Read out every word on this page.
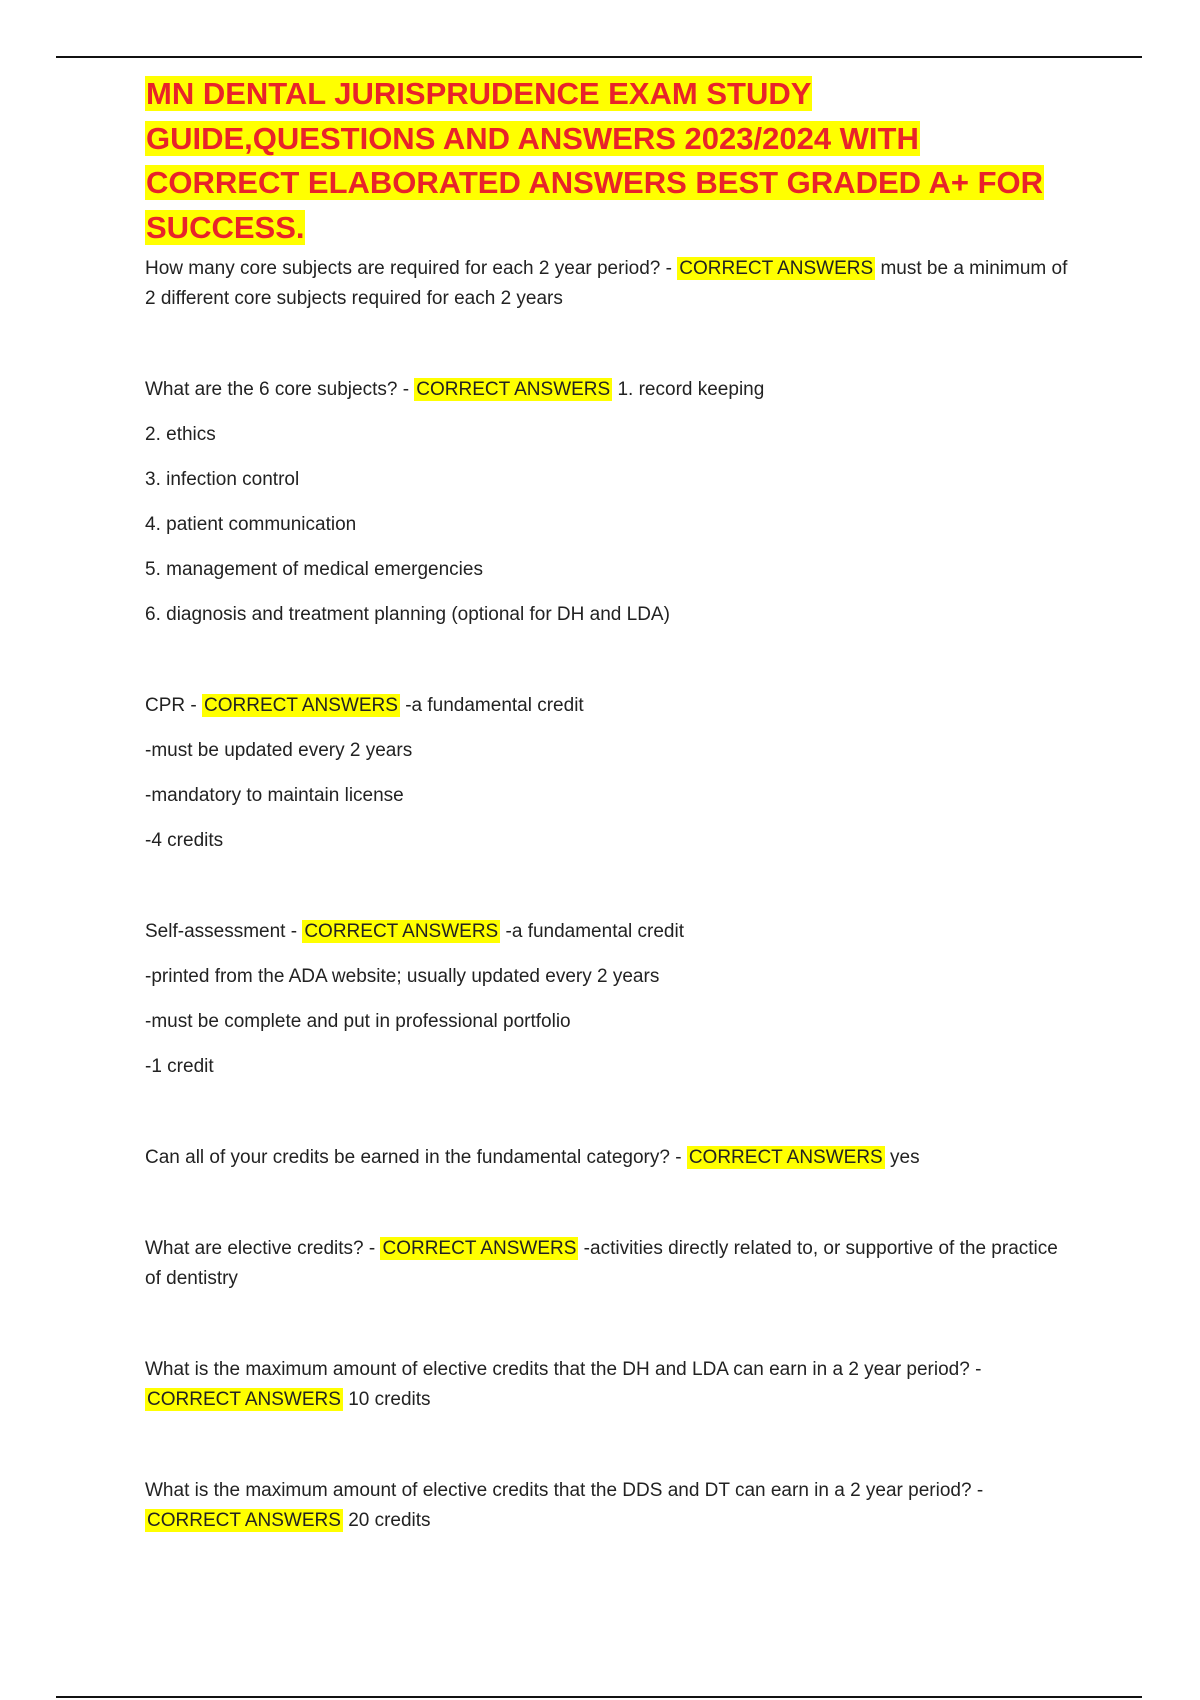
MN DENTAL JURISPRUDENCE EXAM STUDY GUIDE,QUESTIONS AND ANSWERS 2023/2024 WITH CORRECT ELABORATED ANSWERS BEST GRADED A+ FOR SUCCESS.

How many core subjects are required for each 2 year period? - CORRECT ANSWERS must be a minimum of 2 different core subjects required for each 2 years

What are the 6 core subjects? - CORRECT ANSWERS 1. record keeping

2. ethics

3. infection control

4. patient communication

5. management of medical emergencies

6. diagnosis and treatment planning (optional for DH and LDA)

CPR - CORRECT ANSWERS -a fundamental credit

-must be updated every 2 years

-mandatory to maintain license

-4 credits

Self-assessment - CORRECT ANSWERS -a fundamental credit

-printed from the ADA website; usually updated every 2 years

-must be complete and put in professional portfolio

-1 credit

Can all of your credits be earned in the fundamental category? - CORRECT ANSWERS yes

What are elective credits? - CORRECT ANSWERS -activities directly related to, or supportive of the practice of dentistry

What is the maximum amount of elective credits that the DH and LDA can earn in a 2 year period? - CORRECT ANSWERS 10 credits

What is the maximum amount of elective credits that the DDS and DT can earn in a 2 year period? - CORRECT ANSWERS 20 credits
